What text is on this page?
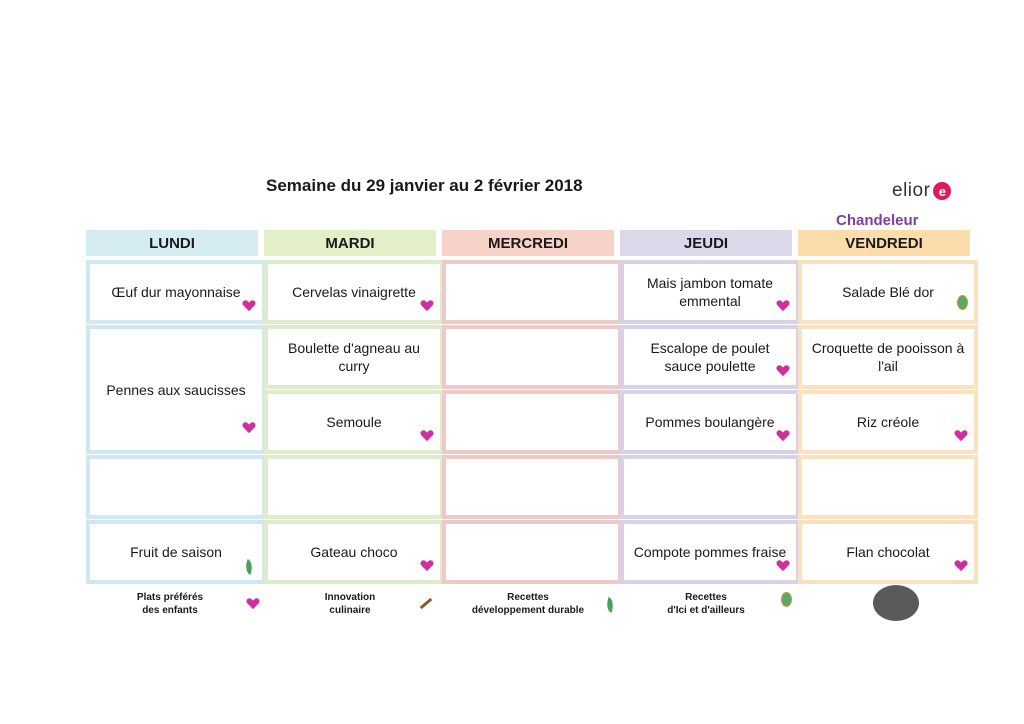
Semaine du 29 janvier au 2 février 2018	elior e
Chandeleur
LUNDI
Œuf dur mayonnaise
Pennes aux saucisses
Fruit de saison
MARDI
Cervelas vinaigrette
Boulette d'agneau au curry
Semoule
Gateau choco
MERCREDI	JEUDI
Mais jambon tomate emmental
Escalope de poulet sauce poulette
Pommes boulangère
Compote pommes fraise
VENDREDI
Salade Blé dor
Croquette de pooisson à l'ail
Riz créole
Flan chocolat
Plats préférés
des enfants
Innovation
culinaire
Recettes
développement durable
Recettes
d'Ici et d'ailleurs
